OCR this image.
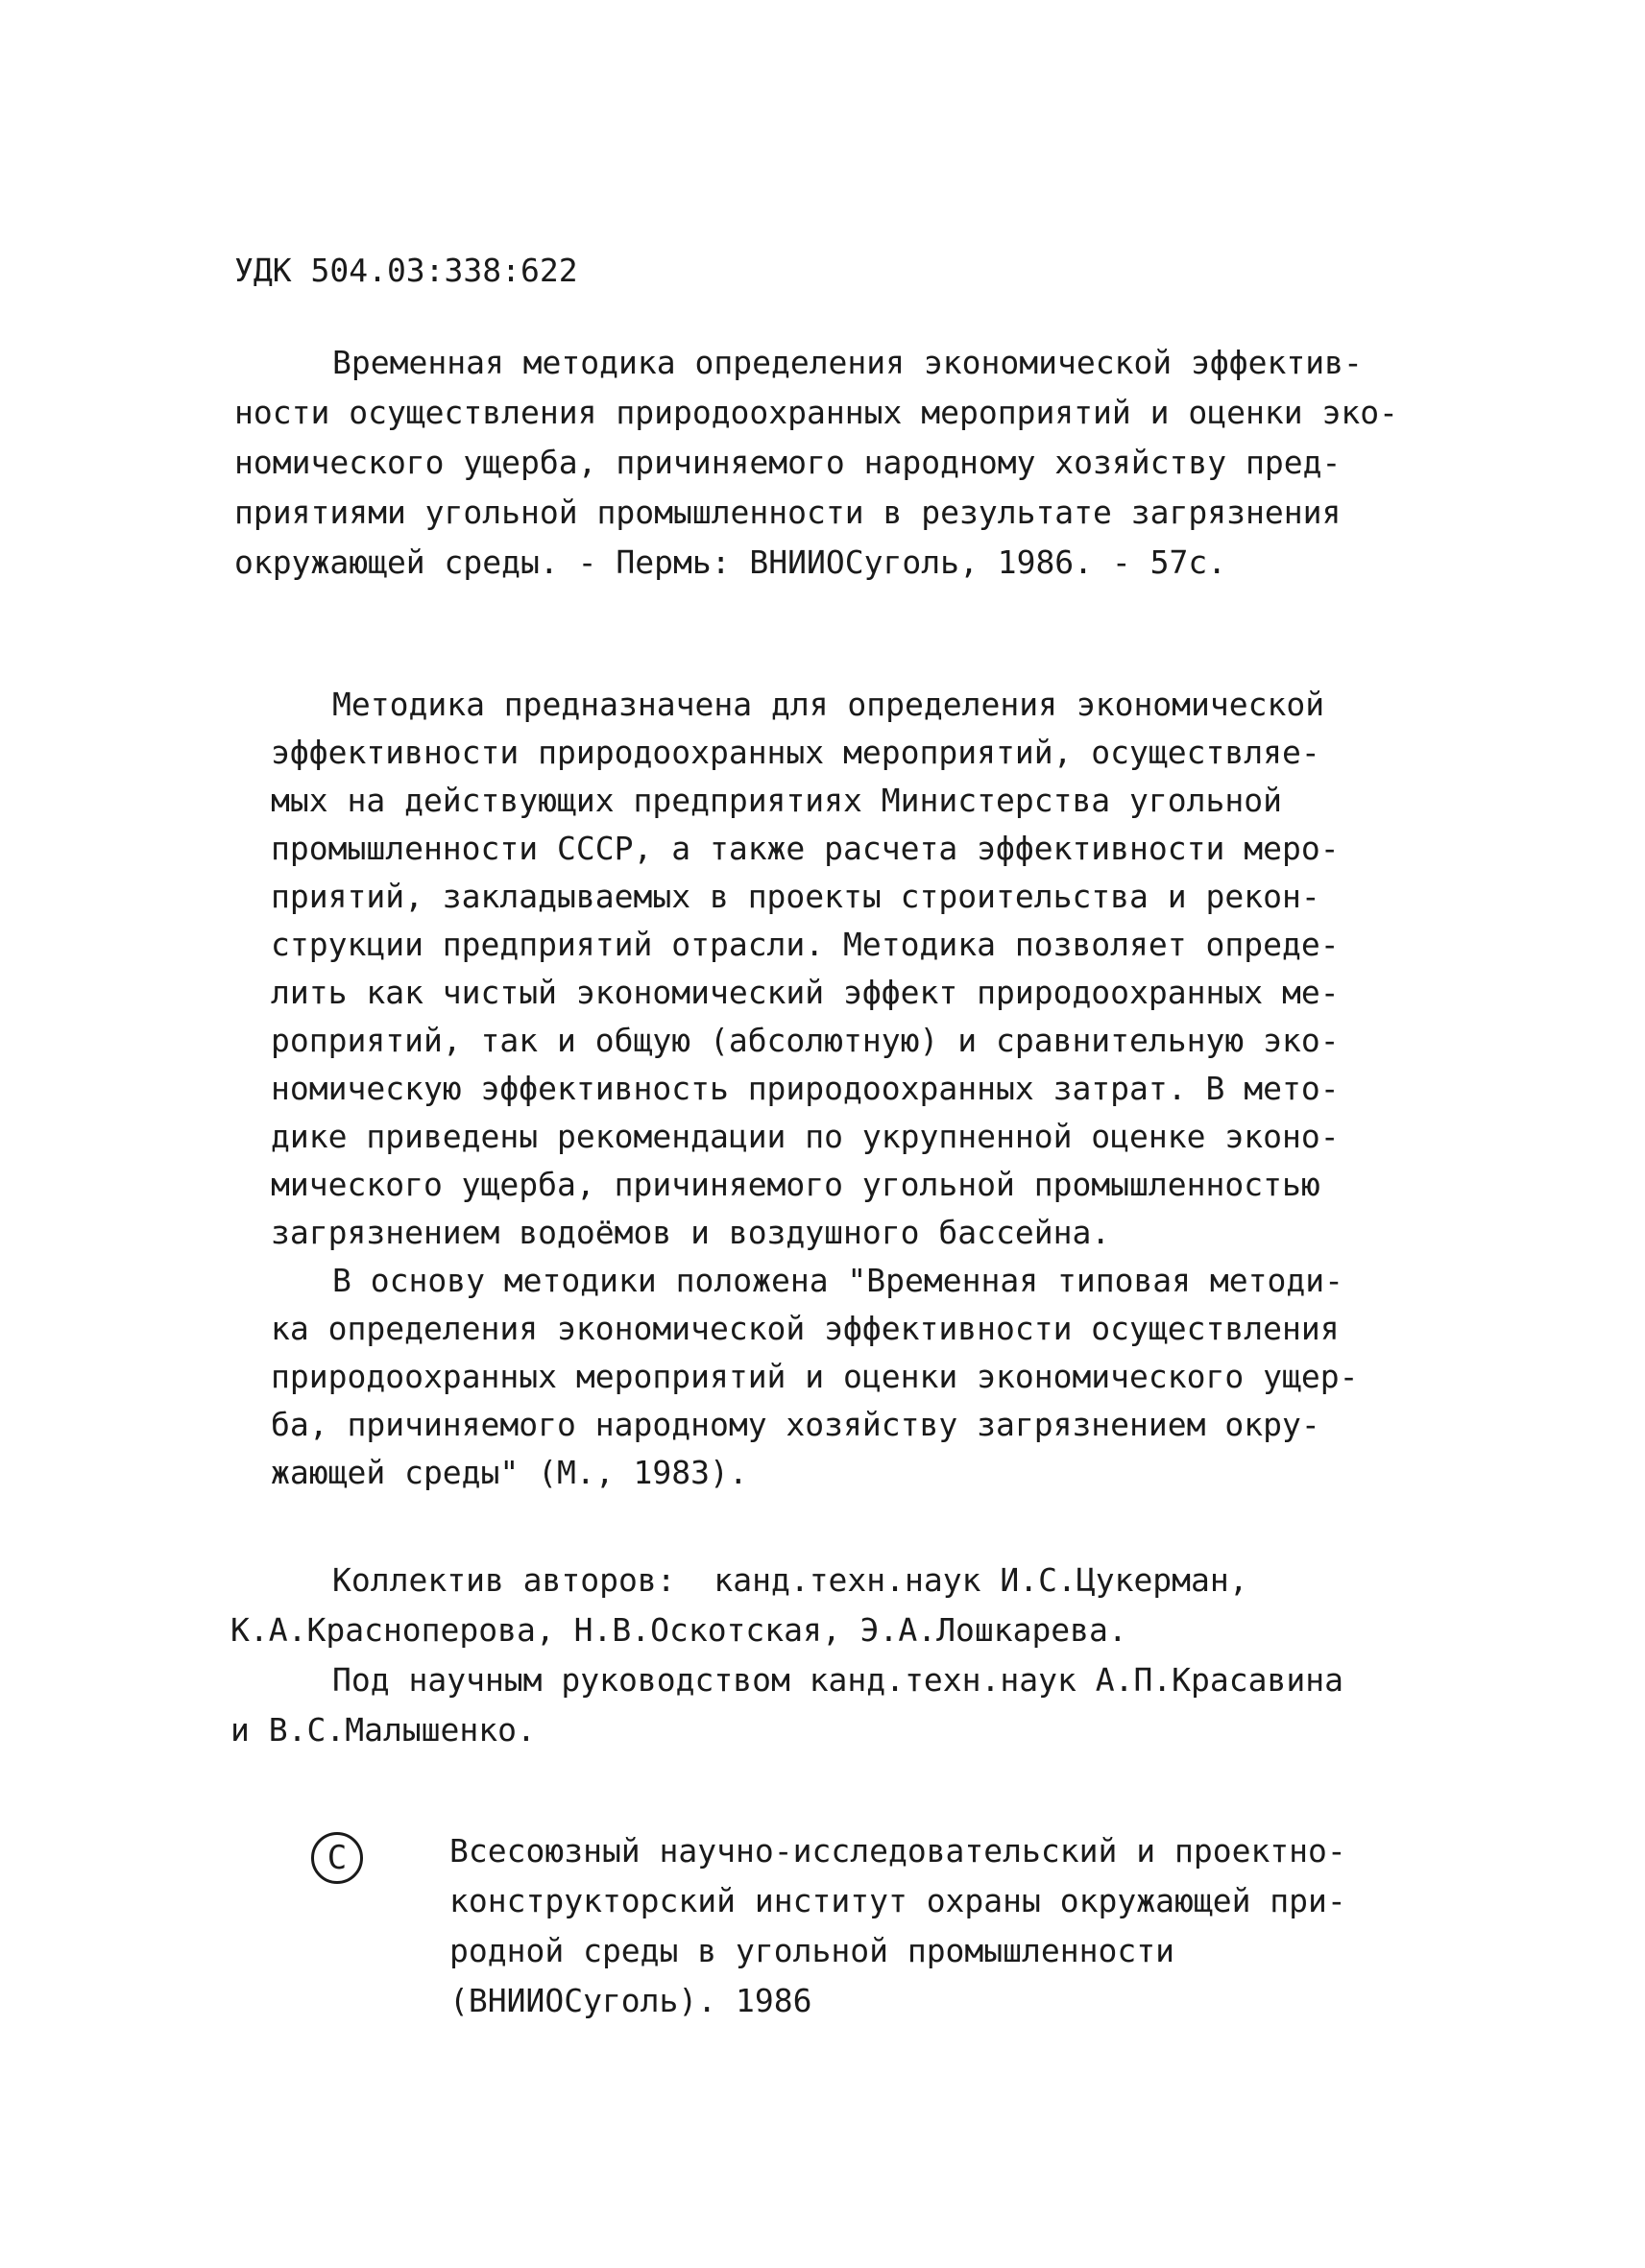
УДК 504.03:338:622
Временная методика определения экономической эффектив-
ности осуществления природоохранных мероприятий и оценки эко-
номического ущерба, причиняемого народному хозяйству пред-
приятиями угольной промышленности в результате загрязнения
окружающей среды. - Пермь: ВНИИОСуголь, 1986. - 57с.
Методика предназначена для определения экономической
эффективности природоохранных мероприятий, осуществляе-
мых на действующих предприятиях Министерства угольной
промышленности СССР, а также расчета эффективности меро-
приятий, закладываемых в проекты строительства и рекон-
струкции предприятий отрасли. Методика позволяет опреде-
лить как чистый экономический эффект природоохранных ме-
роприятий, так и общую (абсолютную) и сравнительную эко-
номическую эффективность природоохранных затрат. В мето-
дике приведены рекомендации по укрупненной оценке эконо-
мического ущерба, причиняемого угольной промышленностью
загрязнением водоёмов и воздушного бассейна.
В основу методики положена "Временная типовая методи-
ка определения экономической эффективности осуществления
природоохранных мероприятий и оценки экономического ущер-
ба, причиняемого народному хозяйству загрязнением окру-
жающей среды" (М., 1983).
Коллектив авторов:  канд.техн.наук И.С.Цукерман,
К.А.Красноперова, Н.В.Оскотская, Э.А.Лошкарева.
Под научным руководством канд.техн.наук А.П.Красавина
и В.С.Малышенко.
C	Всесоюзный научно-исследовательский и проектно-
конструкторский институт охраны окружающей при-
родной среды в угольной промышленности
(ВНИИОСуголь). 1986
